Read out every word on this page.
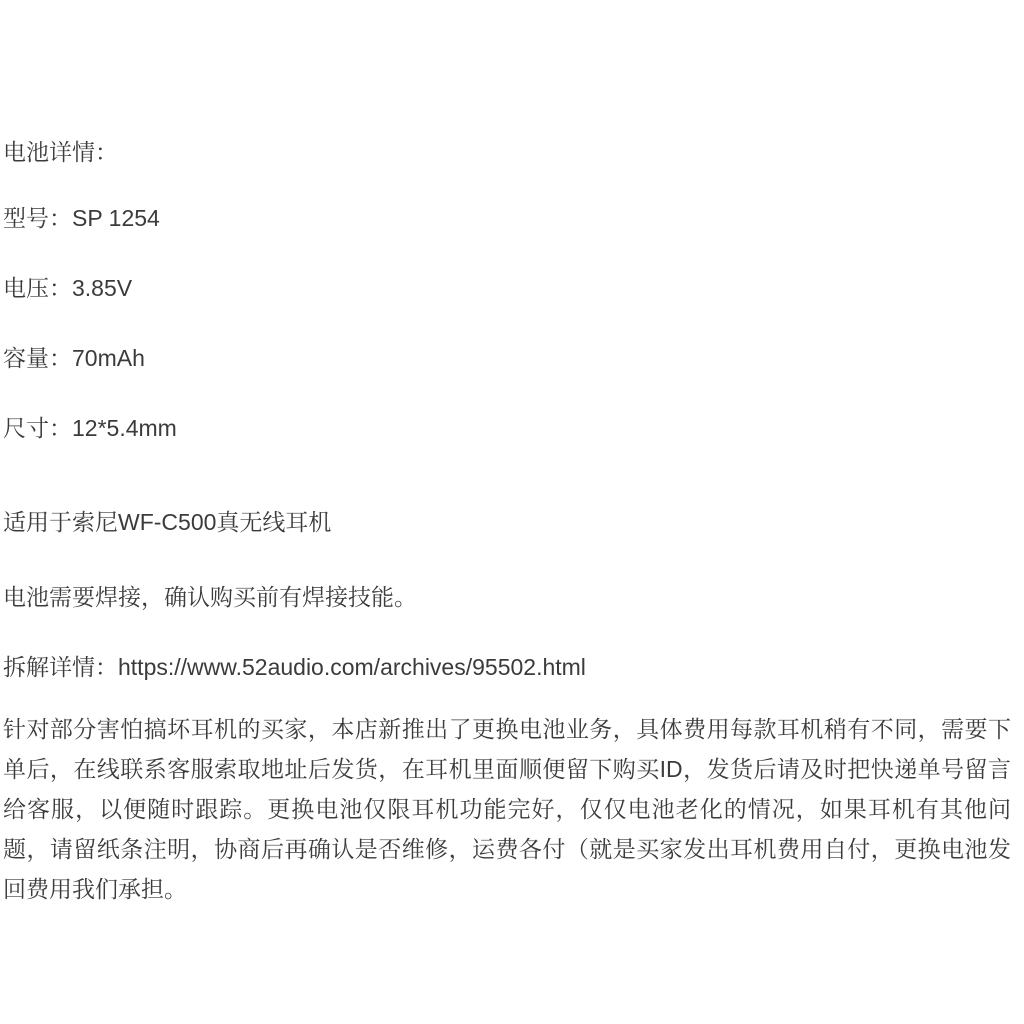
电池详情：
型号：SP 1254
电压：3.85V
容量：70mAh
尺寸：12*5.4mm
适用于索尼WF-C500真无线耳机
电池需要焊接，确认购买前有焊接技能。
拆解详情：https://www.52audio.com/archives/95502.html

针对部分害怕搞坏耳机的买家，本店新推出了更换电池业务，具体费用每款耳机稍有不同，需要下单后，在线联系客服索取地址后发货，在耳机里面顺便留下购买ID，发货后请及时把快递单号留言给客服，以便随时跟踪。更换电池仅限耳机功能完好，仅仅电池老化的情况，如果耳机有其他问题，请留纸条注明，协商后再确认是否维修，运费各付（就是买家发出耳机费用自付，更换电池发回费用我们承担。
